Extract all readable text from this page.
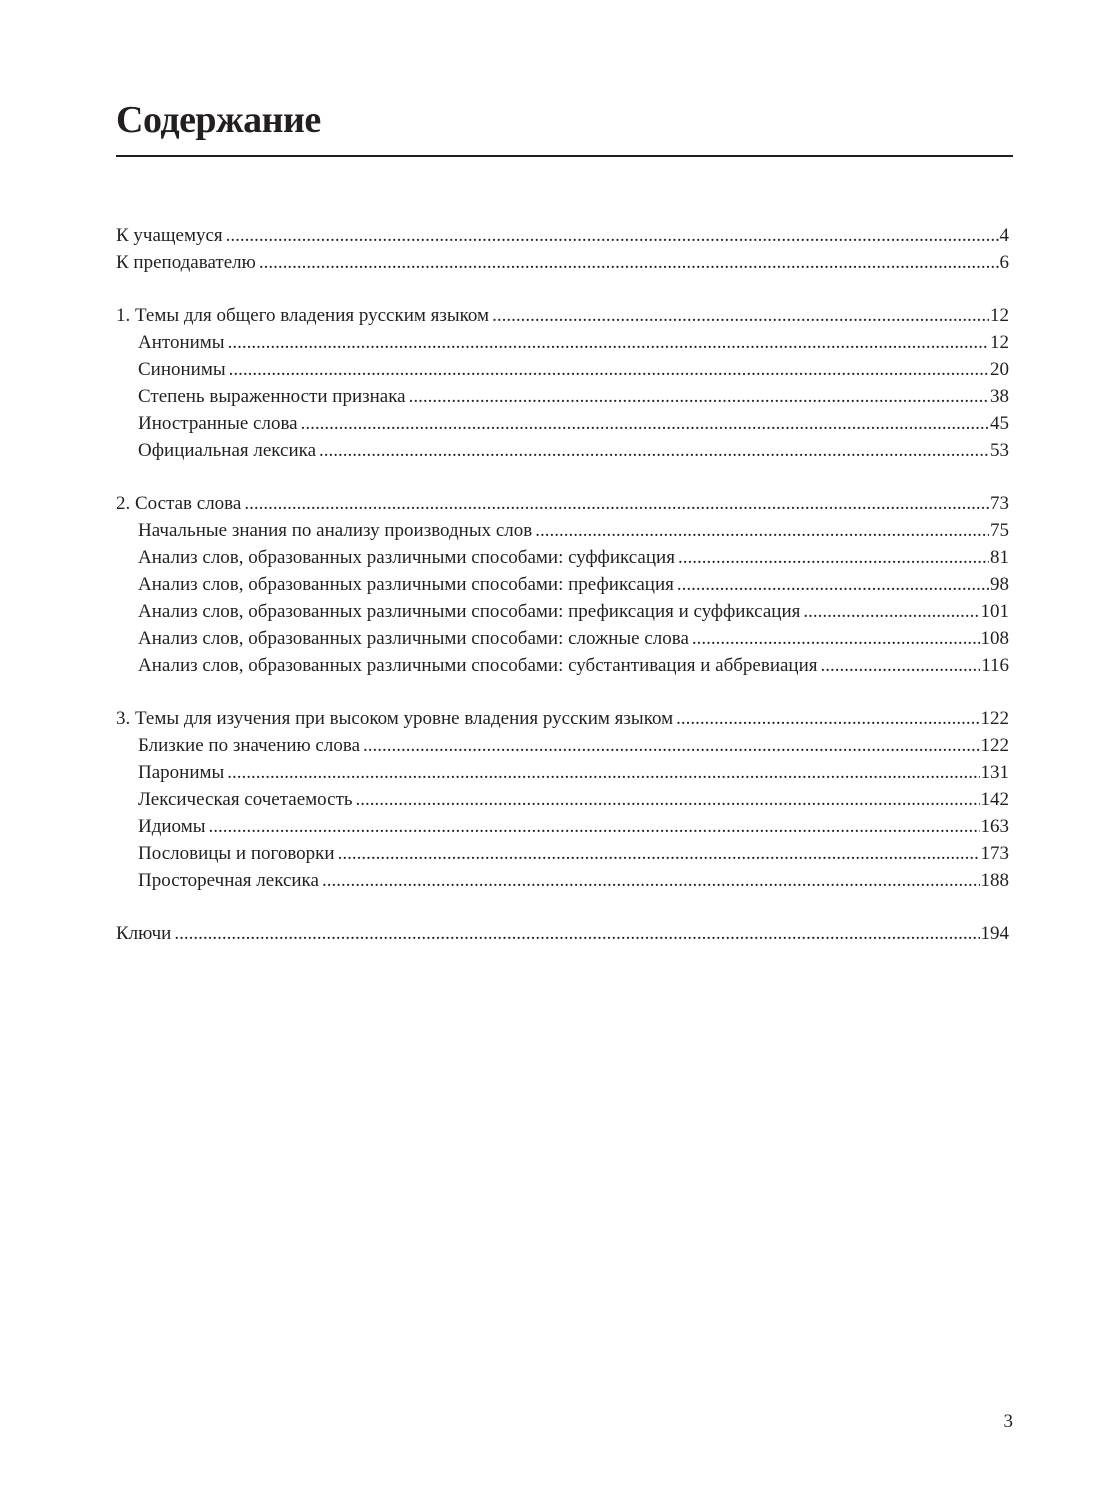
Содержание
К учащемуся .....	4
К преподавателю .....	6
1. Темы для общего владения русским языком .....	12
Антонимы .....	12
Синонимы .....	20
Степень выраженности признака .....	38
Иностранные слова .....	45
Официальная лексика .....	53
2. Состав слова .....	73
Начальные знания по анализу производных слов .....	75
Анализ слов, образованных различными способами: суффиксация .....	81
Анализ слов, образованных различными способами: префиксация .....	98
Анализ слов, образованных различными способами: префиксация и суффиксация .....	101
Анализ слов, образованных различными способами: сложные слова .....	108
Анализ слов, образованных различными способами: субстантивация и аббревиация .....	116
3. Темы для изучения при высоком уровне владения русским языком .....	122
Близкие по значению слова .....	122
Паронимы .....	131
Лексическая сочетаемость .....	142
Идиомы .....	163
Пословицы и поговорки .....	173
Просторечная лексика .....	188
Ключи .....	194
3
